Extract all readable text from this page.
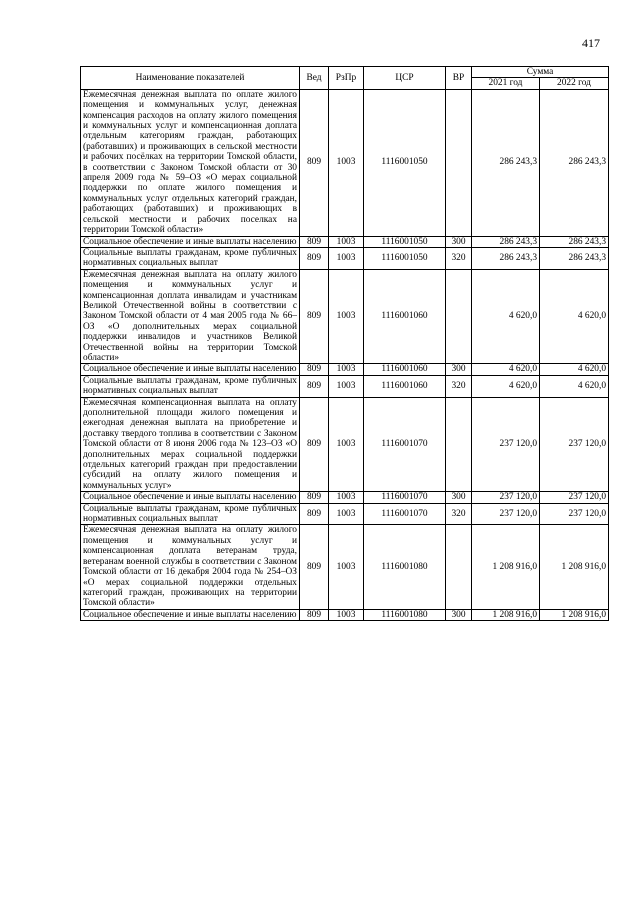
417
Наименование показателей	Вед	РзПр	ЦСР	ВР	Сумма	
					2021 год	2022 год
Ежемесячная денежная выплата по оплате жилого помещения и коммунальных услуг, денежная компенсация расходов на оплату жилого помещения и коммунальных услуг и компенсационная доплата отдельным категориям граждан, работающих (работавших) и проживающих в сельской местности и рабочих посёлках на территории Томской области, в соответствии с Законом Томской области от 30 апреля 2009 года № 59–ОЗ «О мерах социальной поддержки по оплате жилого помещения и коммунальных услуг отдельных категорий граждан, работающих (работавших) и проживающих в сельской местности и рабочих поселках на территории Томской области»	809	1003	1116001050		286 243,3	286 243,3
Социальное обеспечение и иные выплаты населению	809	1003	1116001050	300	286 243,3	286 243,3
Социальные выплаты гражданам, кроме публичных нормативных социальных выплат	809	1003	1116001050	320	286 243,3	286 243,3
Ежемесячная денежная выплата на оплату жилого помещения и коммунальных услуг и компенсационная доплата инвалидам и участникам Великой Отечественной войны в соответствии с Законом Томской области от 4 мая 2005 года № 66–ОЗ «О дополнительных мерах социальной поддержки инвалидов и участников Великой Отечественной войны на территории Томской области»	809	1003	1116001060		4 620,0	4 620,0
Социальное обеспечение и иные выплаты населению	809	1003	1116001060	300	4 620,0	4 620,0
Социальные выплаты гражданам, кроме публичных нормативных социальных выплат	809	1003	1116001060	320	4 620,0	4 620,0
Ежемесячная компенсационная выплата на оплату дополнительной площади жилого помещения и ежегодная денежная выплата на приобретение и доставку твердого топлива в соответствии с Законом Томской области от 8 июня 2006 года № 123–ОЗ «О дополнительных мерах социальной поддержки отдельных категорий граждан при предоставлении субсидий на оплату жилого помещения и коммунальных услуг»	809	1003	1116001070		237 120,0	237 120,0
Социальное обеспечение и иные выплаты населению	809	1003	1116001070	300	237 120,0	237 120,0
Социальные выплаты гражданам, кроме публичных нормативных социальных выплат	809	1003	1116001070	320	237 120,0	237 120,0
Ежемесячная денежная выплата на оплату жилого помещения и коммунальных услуг и компенсационная доплата ветеранам труда, ветеранам военной службы в соответствии с Законом Томской области от 16 декабря 2004 года № 254–ОЗ «О мерах социальной поддержки отдельных категорий граждан, проживающих на территории Томской области»	809	1003	1116001080		1 208 916,0	1 208 916,0
Социальное обеспечение и иные выплаты населению	809	1003	1116001080	300	1 208 916,0	1 208 916,0
